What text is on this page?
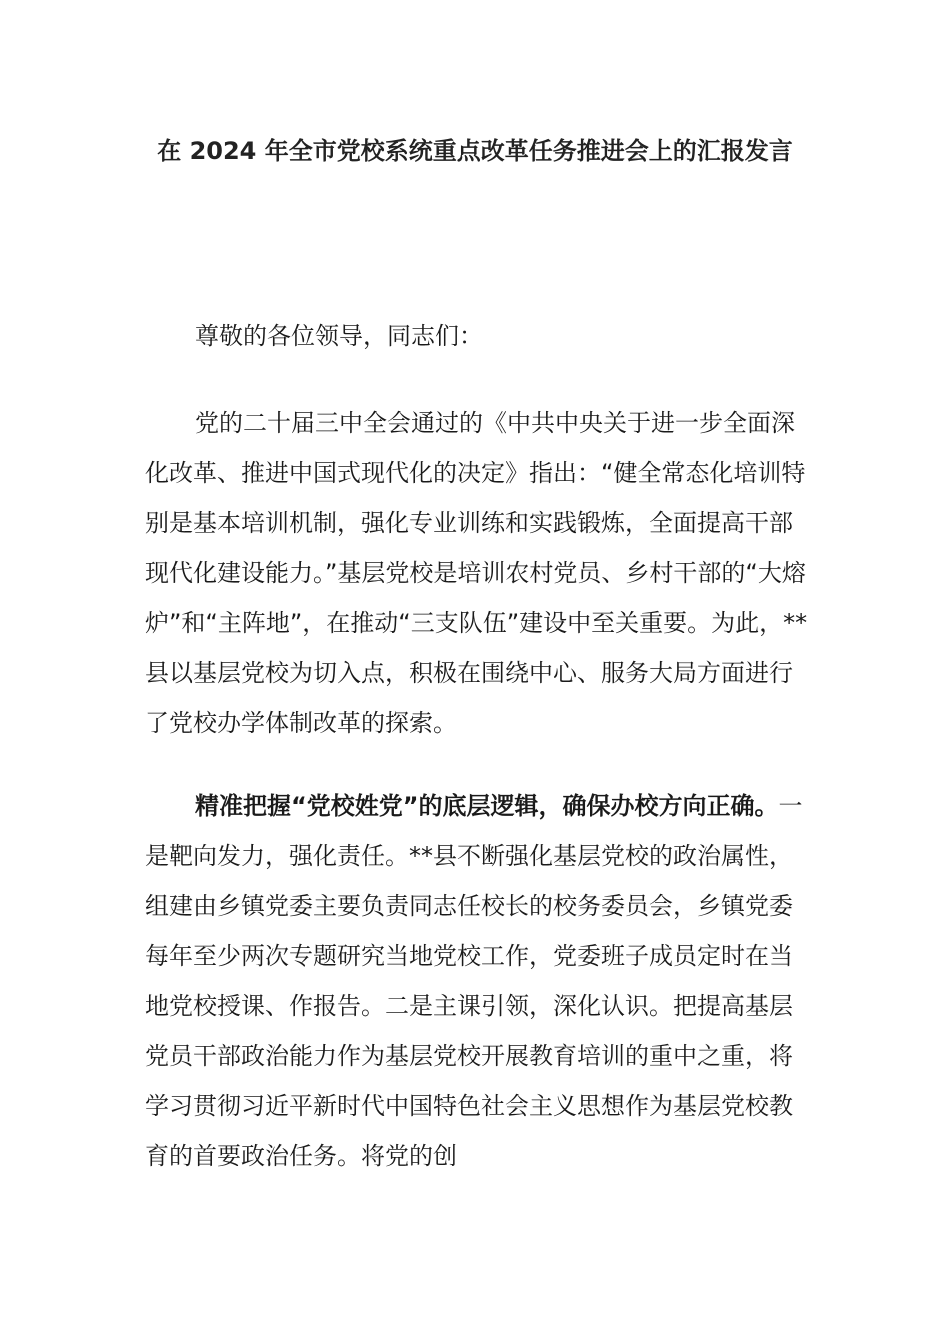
在 2024 年全市党校系统重点改革任务推进会上的汇报发言

尊敬的各位领导，同志们：

党的二十届三中全会通过的《中共中央关于进一步全面深化改革、推进中国式现代化的决定》指出：“健全常态化培训特别是基本培训机制，强化专业训练和实践锻炼，全面提高干部现代化建设能力。”基层党校是培训农村党员、乡村干部的“大熔炉”和“主阵地”，在推动“三支队伍”建设中至关重要。为此，**县以基层党校为切入点，积极在围绕中心、服务大局方面进行了党校办学体制改革的探索。

精准把握“党校姓党”的底层逻辑，确保办校方向正确。一是靶向发力，强化责任。**县不断强化基层党校的政治属性，组建由乡镇党委主要负责同志任校长的校务委员会，乡镇党委每年至少两次专题研究当地党校工作，党委班子成员定时在当地党校授课、作报告。二是主课引领，深化认识。把提高基层党员干部政治能力作为基层党校开展教育培训的重中之重，将学习贯彻习近平新时代中国特色社会主义思想作为基层党校教育的首要政治任务。将党的创
